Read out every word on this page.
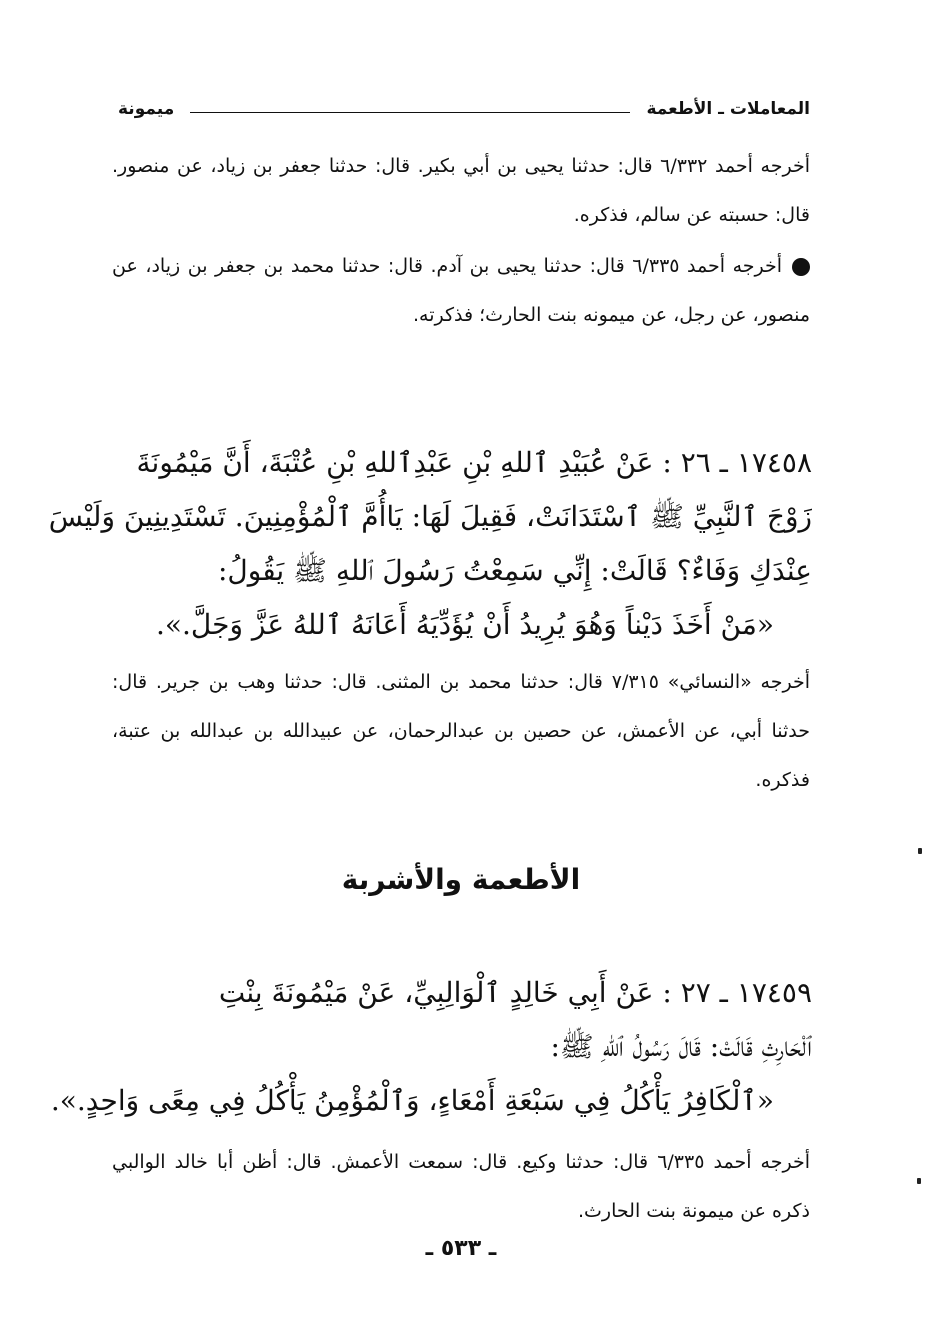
المعاملات ـ الأطعمة
ميمونة

أخرجه أحمد ٦/٣٣٢ قال: حدثنا يحيى بن أبي بكير. قال: حدثنا جعفر بن زياد، عن منصور. قال: حسبته عن سالم، فذكره.

أخرجه أحمد ٦/٣٣٥ قال: حدثنا يحيى بن آدم. قال: حدثنا محمد بن جعفر بن زياد، عن منصور، عن رجل، عن ميمونه بنت الحارث؛ فذكرته.

١٧٤٥٨ ـ ٢٦ : عَنْ عُبَيْدِ ٱللهِ بْنِ عَبْدِٱللهِ بْنِ عُتْبَةَ، أَنَّ مَيْمُونَةَ
زَوْجَ ٱلنَّبِيِّ ﷺ ٱسْتَدَانَتْ، فَقِيلَ لَهَا: يَاأُمَّ ٱلْمُؤْمِنِينَ. تَسْتَدِينِينَ وَلَيْسَ
عِنْدَكِ وَفَاءٌ؟ قَالَتْ: إِنِّي سَمِعْتُ رَسُولَ ٱللهِ ﷺ يَقُولُ:
«مَنْ أَخَذَ دَيْناً وَهُوَ يُرِيدُ أَنْ يُؤَدِّيَهُ أَعَانَهُ ٱللهُ عَزَّ وَجَلَّ.».

أخرجه «النسائي» ٧/٣١٥ قال: حدثنا محمد بن المثنى. قال: حدثنا وهب بن جرير. قال: حدثنا أبي، عن الأعمش، عن حصين بن عبدالرحمان، عن عبيدالله بن عبدالله بن عتبة، فذكره.

الأطعمة والأشربة
١٧٤٥٩ ـ ٢٧ : عَنْ أَبِي خَالِدٍ ٱلْوَالِبِيِّ، عَنْ مَيْمُونَةَ بِنْتِ
ٱلْحَارِثِ قَالَتْ: قَالَ رَسُولُ ٱللهِ ﷺ:
«ٱلْكَافِرُ يَأْكُلُ فِي سَبْعَةِ أَمْعَاءٍ، وَٱلْمُؤْمِنُ يَأْكُلُ فِي مِعًى وَاحِدٍ.».

أخرجه أحمد ٦/٣٣٥ قال: حدثنا وكيع. قال: سمعت الأعمش. قال: أظن أبا خالد الوالبي ذكره عن ميمونة بنت الحارث.

ـ ٥٣٣ ـ
